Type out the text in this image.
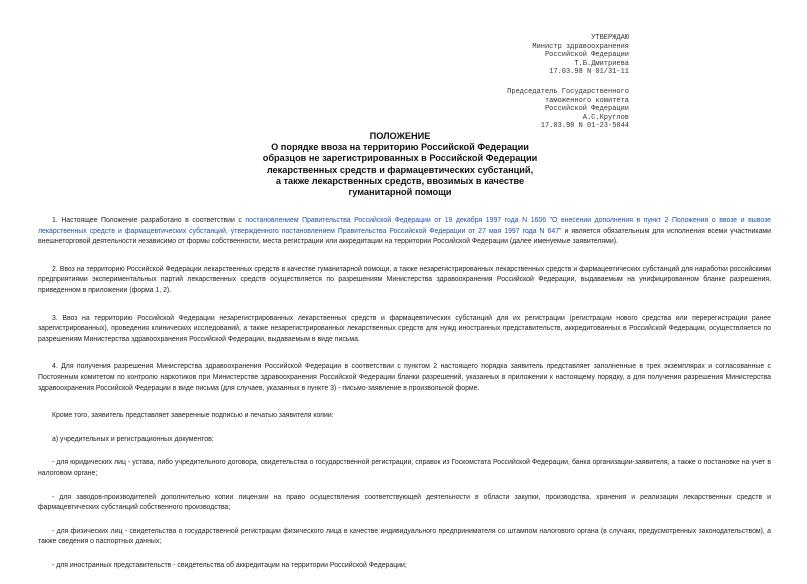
УТВЕРЖДАЮ
Министр здравоохранения
Российской Федерации
Т.Б.Дмитриева
17.03.98 N 01/31-11
Председатель Государственного
таможенного комитета
Российской Федерации
А.С.Круглов
17.03.98 N 01-23-5044
ПОЛОЖЕНИЕ
О порядке ввоза на территорию Российской Федерации
образцов не зарегистрированных в Российской Федерации
лекарственных средств и фармацевтических субстанций,
а также лекарственных средств, ввозимых в качестве
гуманитарной помощи

1. Настоящее Положение разработано в соответствии с постановлением Правительства Российской Федерации от 19 декабря 1997 года N 1606 "О внесении дополнения в пункт 2 Положения о ввозе и вывозе лекарственных средств и фармацевтических субстанций, утвержденного постановлением Правительства Российской Федерации от 27 мая 1997 года N 647" и является обязательным для исполнения всеми участниками внешнеторговой деятельности независимо от формы собственности, места регистрации или аккредитации на территории Российской Федерации (далее именуемые заявителями).

2. Ввоз на территорию Российской Федерации лекарственных средств в качестве гуманитарной помощи, а также незарегистрированных лекарственных средств и фармацевтических субстанций для наработки российскими предприятиями экспериментальных партий лекарственных средств осуществляется по разрешениям Министерства здравоохранения Российской Федерации, выдаваемым на унифицированном бланке разрешения, приведенном в приложении (форма 1, 2).

3. Ввоз на территорию Российской Федерации незарегистрированных лекарственных средств и фармацевтических субстанций для их регистрации (регистрации нового средства или перерегистрации ранее зарегистрированных), проведения клинических исследований, а также незарегистрированных лекарственных средств для нужд иностранных представительств, аккредитованных в Российской Федерации, осуществляется по разрешениям Министерства здравоохранения Российской Федерации, выдаваемым в виде письма.

4. Для получения разрешения Министерства здравоохранения Российской Федерации в соответствии с пунктом 2 настоящего порядка заявитель представляет заполненные в трех экземплярах и согласованные с Постоянным комитетом по контролю наркотиков при Министерстве здравоохранения Российской Федерации бланки разрешений, указанных в приложении к настоящему порядку, а для получения разрешения Министерства здравоохранения Российской Федерации в виде письма (для случаев, указанных в пункте 3) - письмо-заявление в произвольной форме.

Кроме того, заявитель представляет заверенные подписью и печатью заявителя копии:

а) учредительных и регистрационных документов:

- для юридических лиц - устава, либо учредительного договора, свидетельства о государственной регистрации, справок из Госкомстата Российской Федерации, банка организации-заявителя, а также о постановке на учет в налоговом органе;

- для заводов-производителей дополнительно копии лицензии на право осуществления соответствующей деятельности в области закупки, производства, хранения и реализации лекарственных средств и фармацевтических субстанций собственного производства;

- для физических лиц - свидетельства о государственной регистрации физического лица в качестве индивидуального предпринимателя со штампом налогового органа (в случаях, предусмотренных законодательством), а также сведения о паспортных данных;

- для иностранных представительств - свидетельства об аккредитации на территории Российской Федерации;
